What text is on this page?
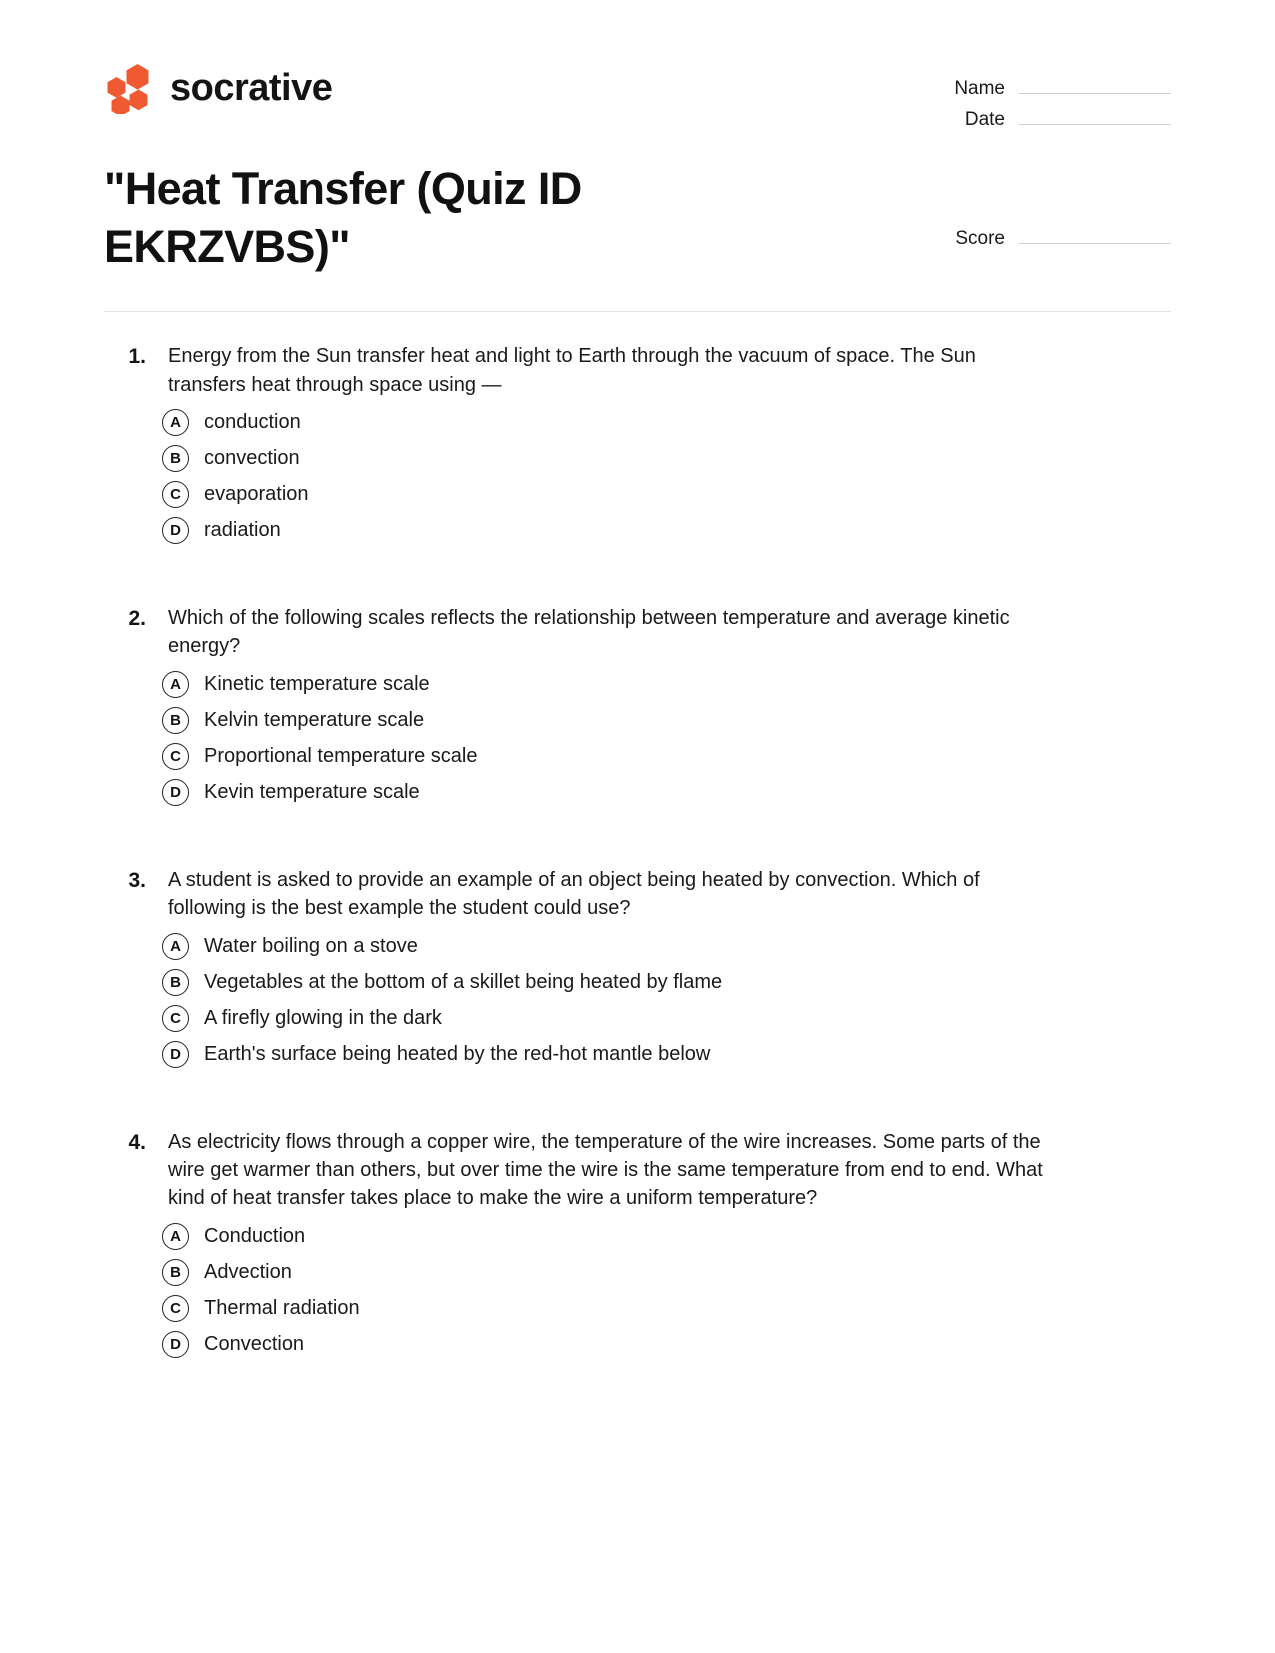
socrative	Name
Date
"Heat Transfer (Quiz ID EKRZVBS)"	Score
1.	Energy from the Sun transfer heat and light to Earth through the vacuum of space. The Sun transfers heat through space using —
A	conduction
B	convection
C	evaporation
D	radiation
2.	Which of the following scales reflects the relationship between temperature and average kinetic energy?
A	Kinetic temperature scale
B	Kelvin temperature scale
C	Proportional temperature scale
D	Kevin temperature scale
3.	A student is asked to provide an example of an object being heated by convection. Which of following is the best example the student could use?
A	Water boiling on a stove
B	Vegetables at the bottom of a skillet being heated by flame
C	A firefly glowing in the dark
D	Earth's surface being heated by the red-hot mantle below
4.	As electricity flows through a copper wire, the temperature of the wire increases. Some parts of the wire get warmer than others, but over time the wire is the same temperature from end to end. What kind of heat transfer takes place to make the wire a uniform temperature?
A	Conduction
B	Advection
C	Thermal radiation
D	Convection
